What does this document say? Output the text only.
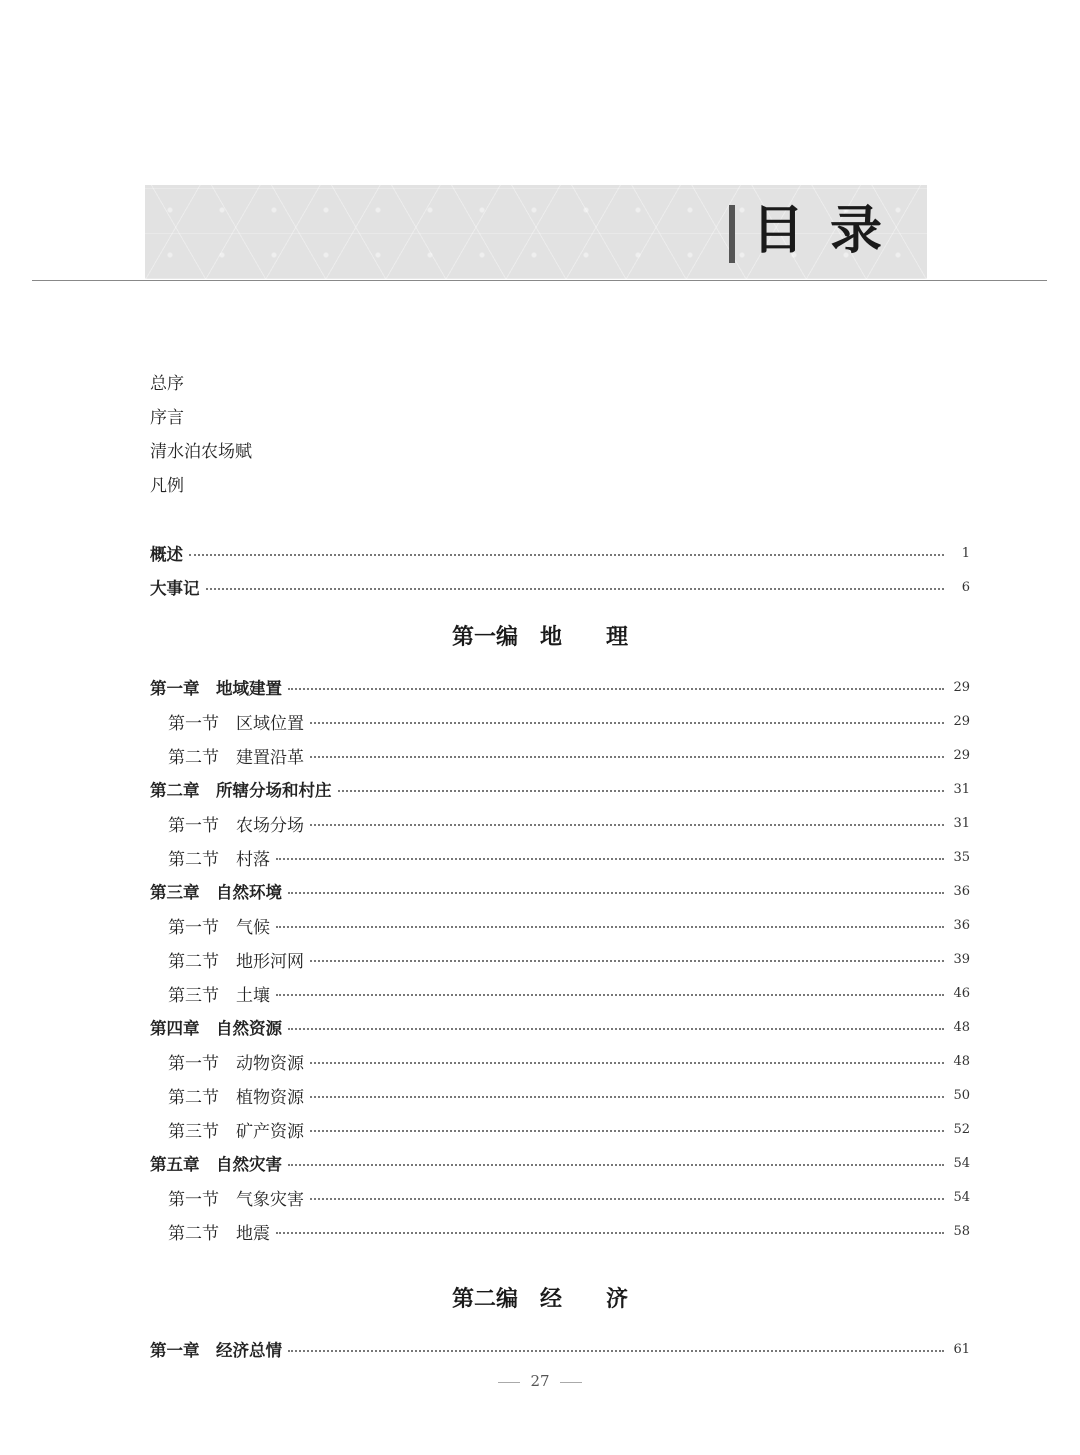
目录
总序
序言
清水泊农场赋
凡例
概述	1
大事记	6
第一编　地　　理
第一章　地域建置	29
第一节　区域位置	29
第二节　建置沿革	29
第二章　所辖分场和村庄	31
第一节　农场分场	31
第二节　村落	35
第三章　自然环境	36
第一节　气候	36
第二节　地形河网	39
第三节　土壤	46
第四章　自然资源	48
第一节　动物资源	48
第二节　植物资源	50
第三节　矿产资源	52
第五章　自然灾害	54
第一节　气象灾害	54
第二节　地震	58
第二编　经　　济
第一章　经济总情	61
27
